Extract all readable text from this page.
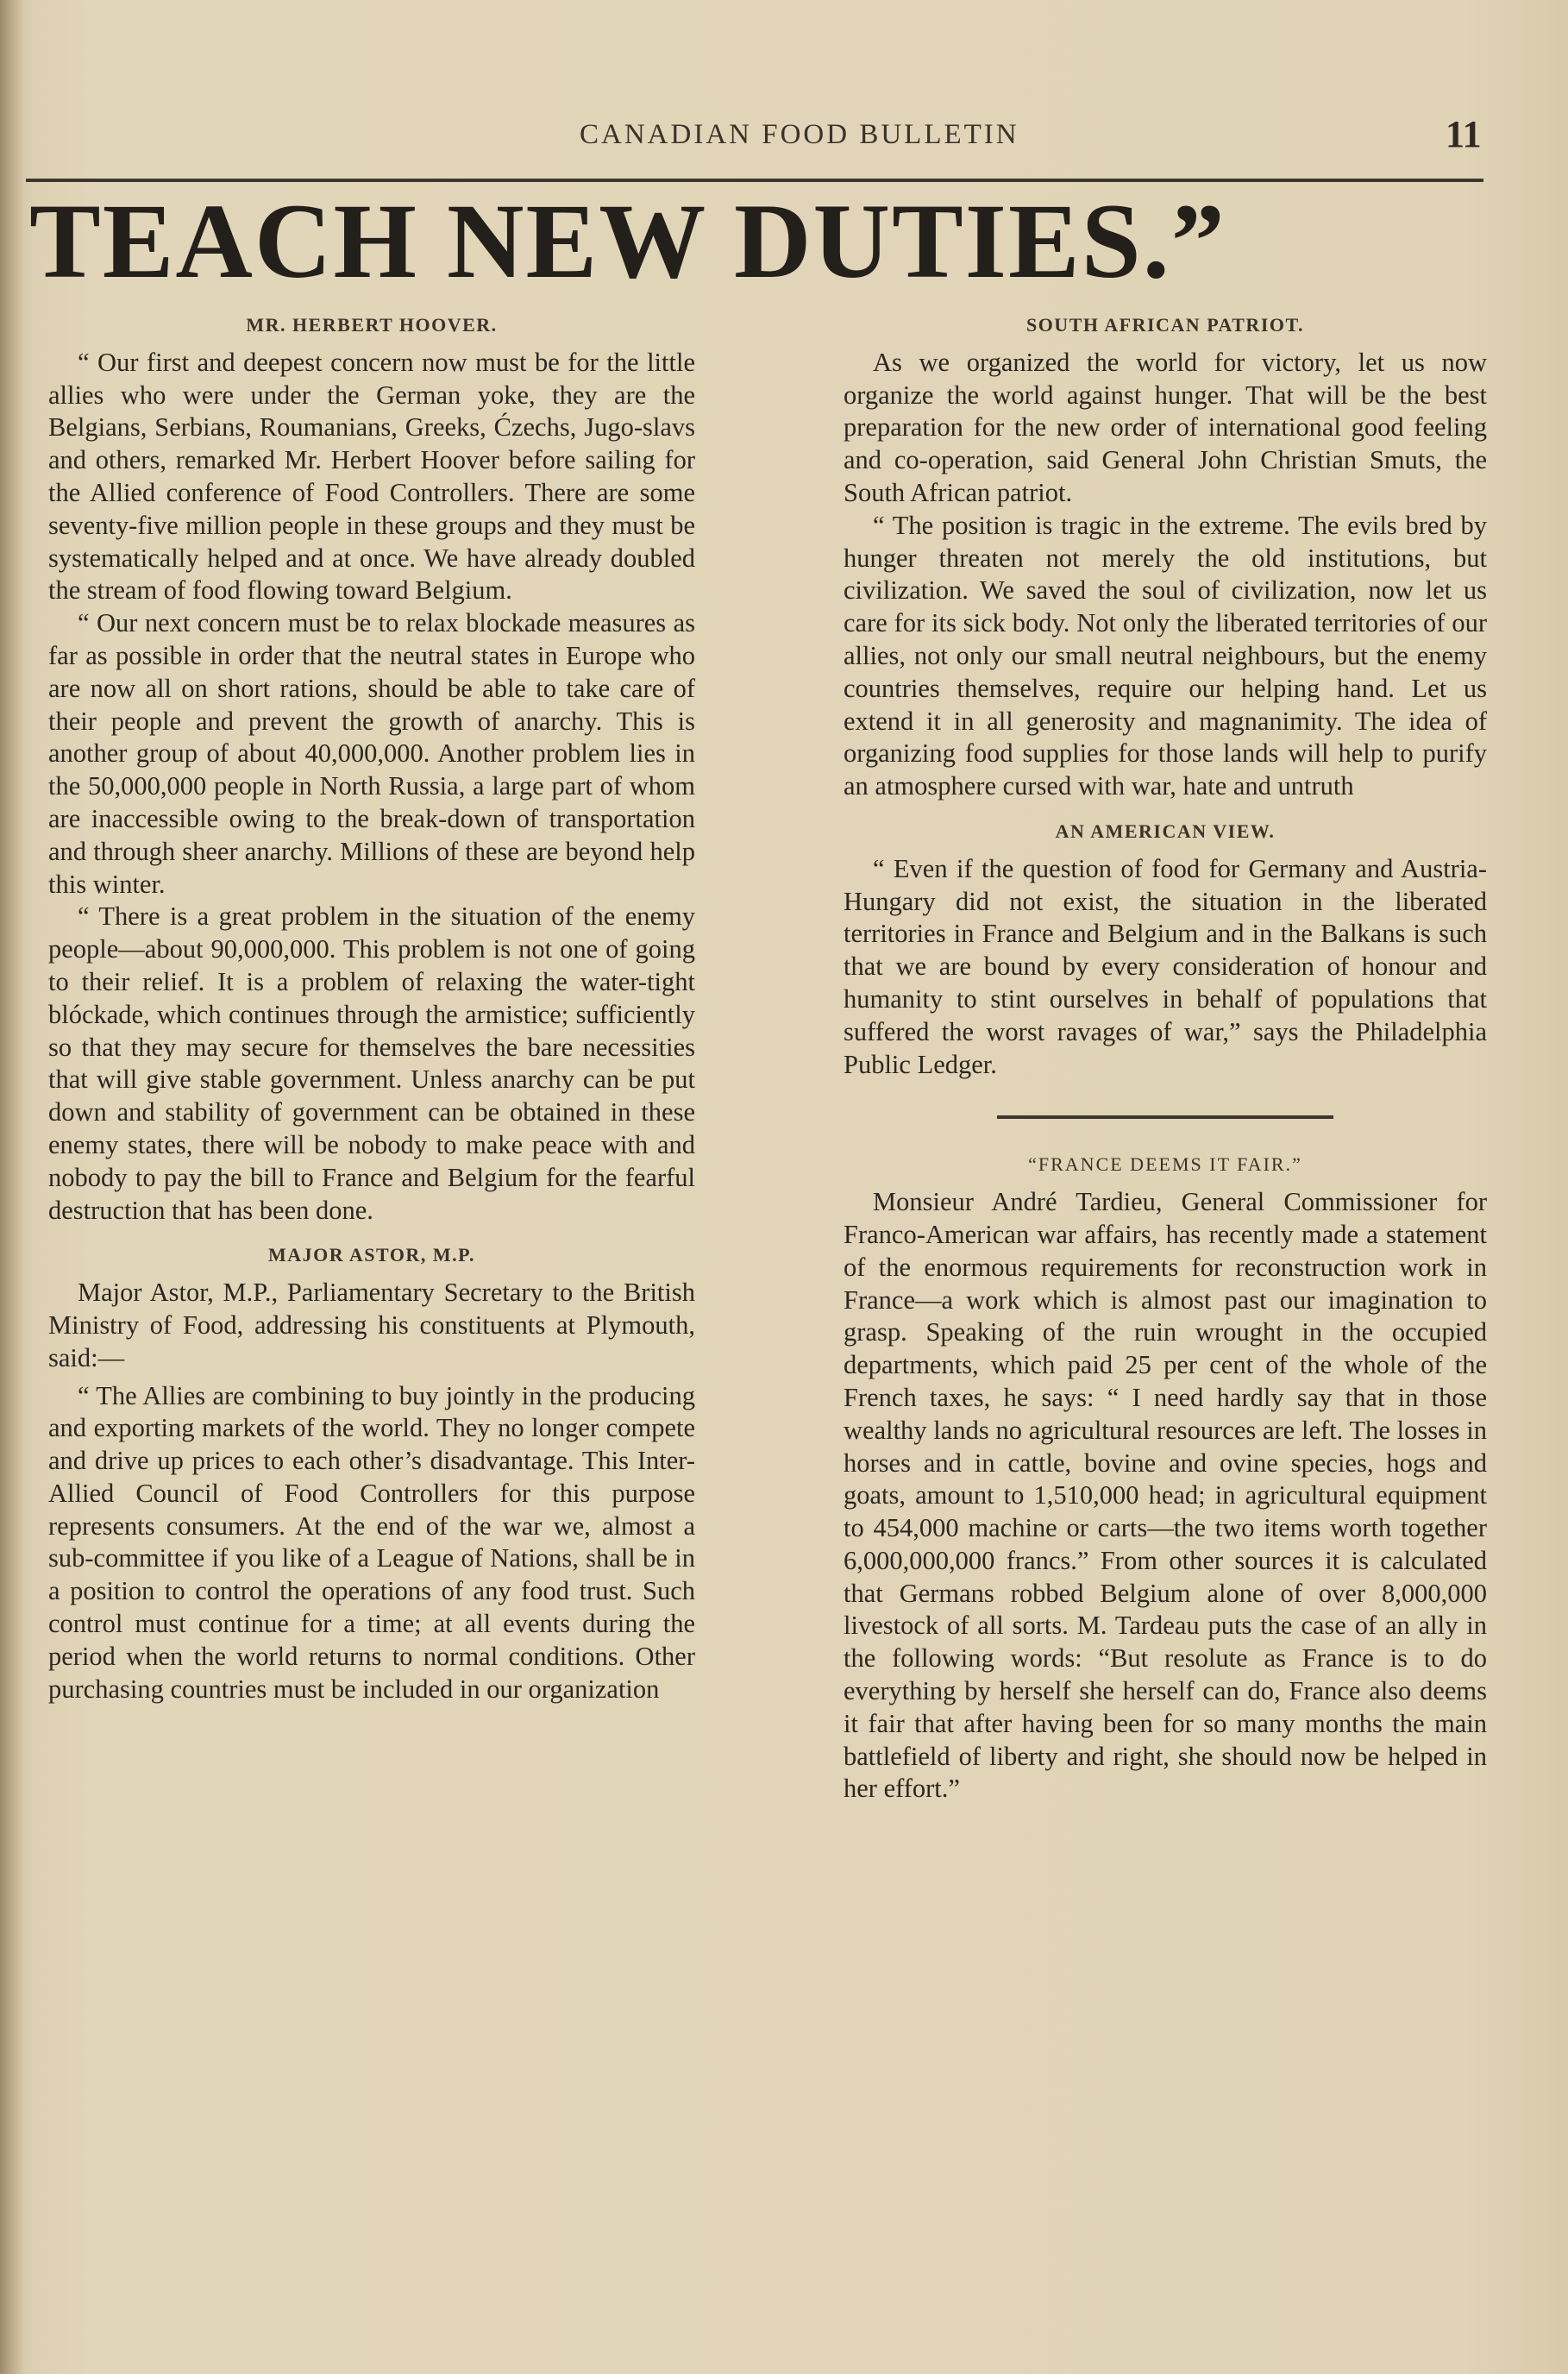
CANADIAN FOOD BULLETIN	11
TEACH NEW DUTIES.”
MR. HERBERT HOOVER.

“ Our first and deepest concern now must be for the little allies who were under the German yoke, they are the Belgians, Serbians, Roumanians, Greeks, Ćzechs, Jugo-slavs and others, remarked Mr. Herbert Hoover before sailing for the Allied conference of Food Controllers. There are some seventy-five million people in these groups and they must be systematically helped and at once. We have already doubled the stream of food flowing toward Belgium.

“ Our next concern must be to relax blockade measures as far as possible in order that the neutral states in Europe who are now all on short rations, should be able to take care of their people and prevent the growth of anarchy. This is another group of about 40,000,000. Another problem lies in the 50,000,000 people in North Russia, a large part of whom are inaccessible owing to the break-down of transportation and through sheer anarchy. Millions of these are beyond help this winter.

“ There is a great problem in the situation of the enemy people—about 90,000,000. This problem is not one of going to their relief. It is a problem of relaxing the water-tight blóckade, which continues through the armistice; sufficiently so that they may secure for themselves the bare necessities that will give stable government. Unless anarchy can be put down and stability of government can be obtained in these enemy states, there will be nobody to make peace with and nobody to pay the bill to France and Belgium for the fearful destruction that has been done.

MAJOR ASTOR, M.P.

Major Astor, M.P., Parliamentary Secretary to the British Ministry of Food, addressing his constituents at Plymouth, said:—

“ The Allies are combining to buy jointly in the producing and exporting markets of the world. They no longer compete and drive up prices to each other’s disadvantage. This Inter-Allied Council of Food Controllers for this purpose represents consumers. At the end of the war we, almost a sub-committee if you like of a League of Nations, shall be in a position to control the operations of any food trust. Such control must continue for a time; at all events during the period when the world returns to normal conditions. Other purchasing countries must be included in our organization

SOUTH AFRICAN PATRIOT.

As we organized the world for victory, let us now organize the world against hunger. That will be the best preparation for the new order of international good feeling and co-operation, said General John Christian Smuts, the South African patriot.

“ The position is tragic in the extreme. The evils bred by hunger threaten not merely the old institutions, but civilization. We saved the soul of civilization, now let us care for its sick body. Not only the liberated territories of our allies, not only our small neutral neighbours, but the enemy countries themselves, require our helping hand. Let us extend it in all generosity and magnanimity. The idea of organizing food supplies for those lands will help to purify an atmosphere cursed with war, hate and untruth

AN AMERICAN VIEW.

“ Even if the question of food for Germany and Austria-Hungary did not exist, the situation in the liberated territories in France and Belgium and in the Balkans is such that we are bound by every consideration of honour and humanity to stint ourselves in behalf of populations that suffered the worst ravages of war,” says the Philadelphia Public Ledger.

“FRANCE DEEMS IT FAIR.”

Monsieur André Tardieu, General Commissioner for Franco-American war affairs, has recently made a statement of the enormous requirements for reconstruction work in France—a work which is almost past our imagination to grasp. Speaking of the ruin wrought in the occupied departments, which paid 25 per cent of the whole of the French taxes, he says: “ I need hardly say that in those wealthy lands no agricultural resources are left. The losses in horses and in cattle, bovine and ovine species, hogs and goats, amount to 1,510,000 head; in agricultural equipment to 454,000 machine or carts—the two items worth together 6,000,000,000 francs.” From other sources it is calculated that Germans robbed Belgium alone of over 8,000,000 livestock of all sorts. M. Tardeau puts the case of an ally in the following words: “But resolute as France is to do everything by herself she herself can do, France also deems it fair that after having been for so many months the main battlefield of liberty and right, she should now be helped in her effort.”
